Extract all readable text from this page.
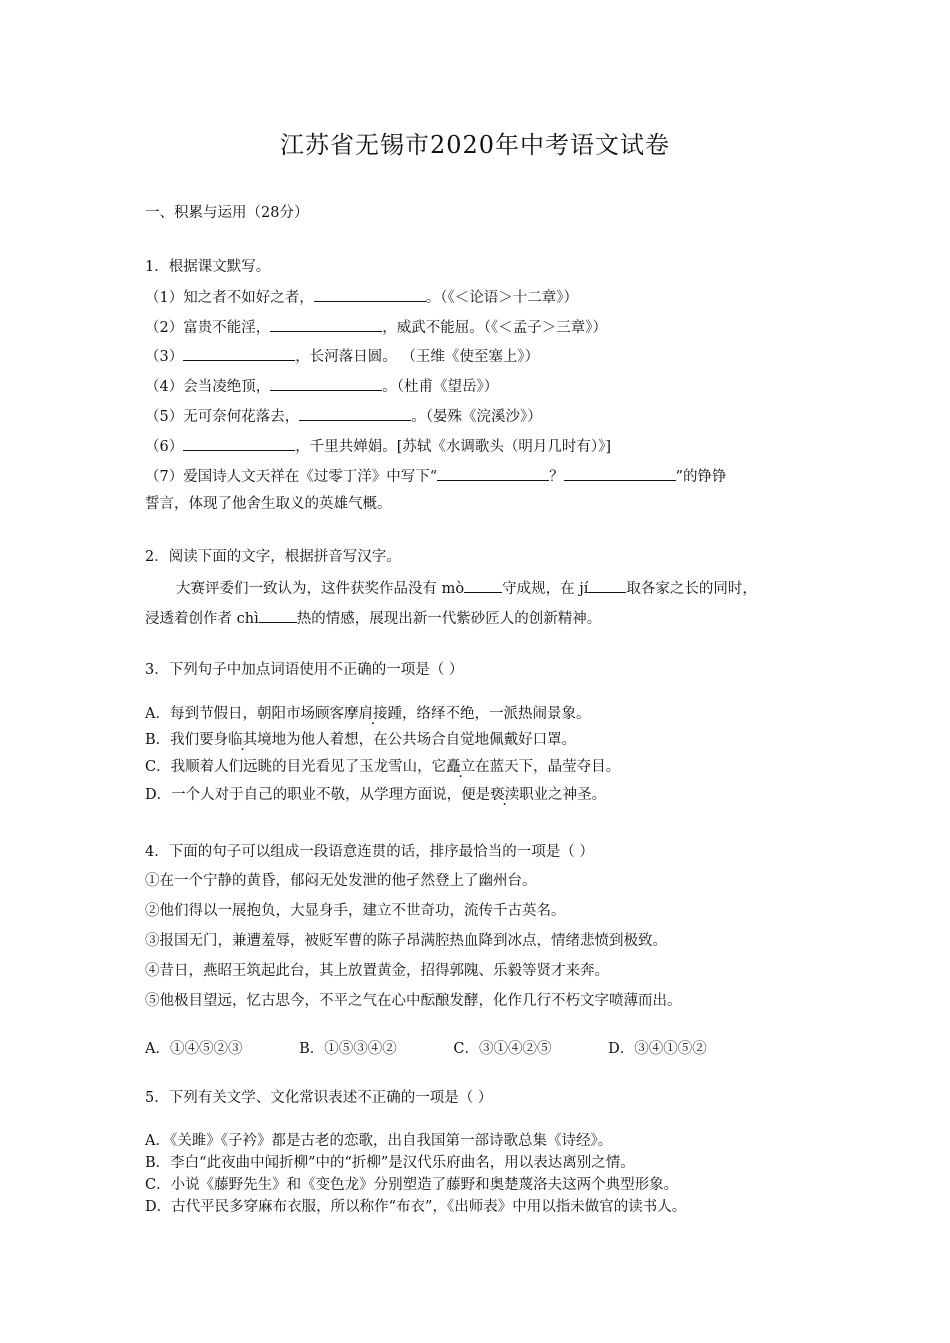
江苏省无锡市2020年中考语文试卷
一、积累与运用（28分）
1．根据课文默写。
（1）知之者不如好之者，	。（《＜论语＞十二章》）
（2）富贵不能淫，	，威武不能屈。（《＜孟子＞三章》）
（3）	，长河落日圆。 （王维《使至塞上》）
（4）会当凌绝顶，	。（杜甫《望岳》）
（5）无可奈何花落去，	。（晏殊《浣溪沙》）
（6）	，千里共婵娟。[苏轼《水调歌头（明月几时有）》]
（7）爱国诗人文天祥在《过零丁洋》中写下“	？	”的铮铮
誓言，体现了他舍生取义的英雄气概。
2．阅读下面的文字，根据拼音写汉字。
大赛评委们一致认为，这件获奖作品没有 mò	守成规，在 jí	取各家之长的同时，
浸透着创作者 chì	热的情感，展现出新一代紫砂匠人的创新精神。
3．下列句子中加点词语使用不正确的一项是（ ）
A．每到节假日，朝阳市场顾客摩肩接踵，络绎不绝，一派热闹景象。
B．我们要身临其境地为他人着想，在公共场合自觉地佩戴好口罩。
C．我顺着人们远眺的目光看见了玉龙雪山，它矗立在蓝天下，晶莹夺目。
D．一个人对于自己的职业不敬，从学理方面说，便是亵渎职业之神圣。
4．下面的句子可以组成一段语意连贯的话，排序最恰当的一项是（ ）
①在一个宁静的黄昏，郁闷无处发泄的他孑然登上了幽州台。
②他们得以一展抱负，大显身手，建立不世奇功，流传千古英名。
③报国无门，兼遭羞辱，被贬军曹的陈子昂满腔热血降到冰点，情绪悲愤到极致。
④昔日，燕昭王筑起此台，其上放置黄金，招得郭隗、乐毅等贤才来奔。
⑤他极目望远，忆古思今，不平之气在心中酝酿发酵，化作几行不朽文字喷薄而出。
A．①④⑤②③	B．①⑤③④②	C．③①④②⑤	D．③④①⑤②
5．下列有关文学、文化常识表述不正确的一项是（ ）
A．《关雎》《子衿》都是古老的恋歌，出自我国第一部诗歌总集《诗经》。
B．李白“此夜曲中闻折柳”中的“折柳”是汉代乐府曲名，用以表达离别之情。
C．小说《藤野先生》和《变色龙》分别塑造了藤野和奥楚蔑洛夫这两个典型形象。
D．古代平民多穿麻布衣服，所以称作“布衣”，《出师表》中用以指未做官的读书人。
